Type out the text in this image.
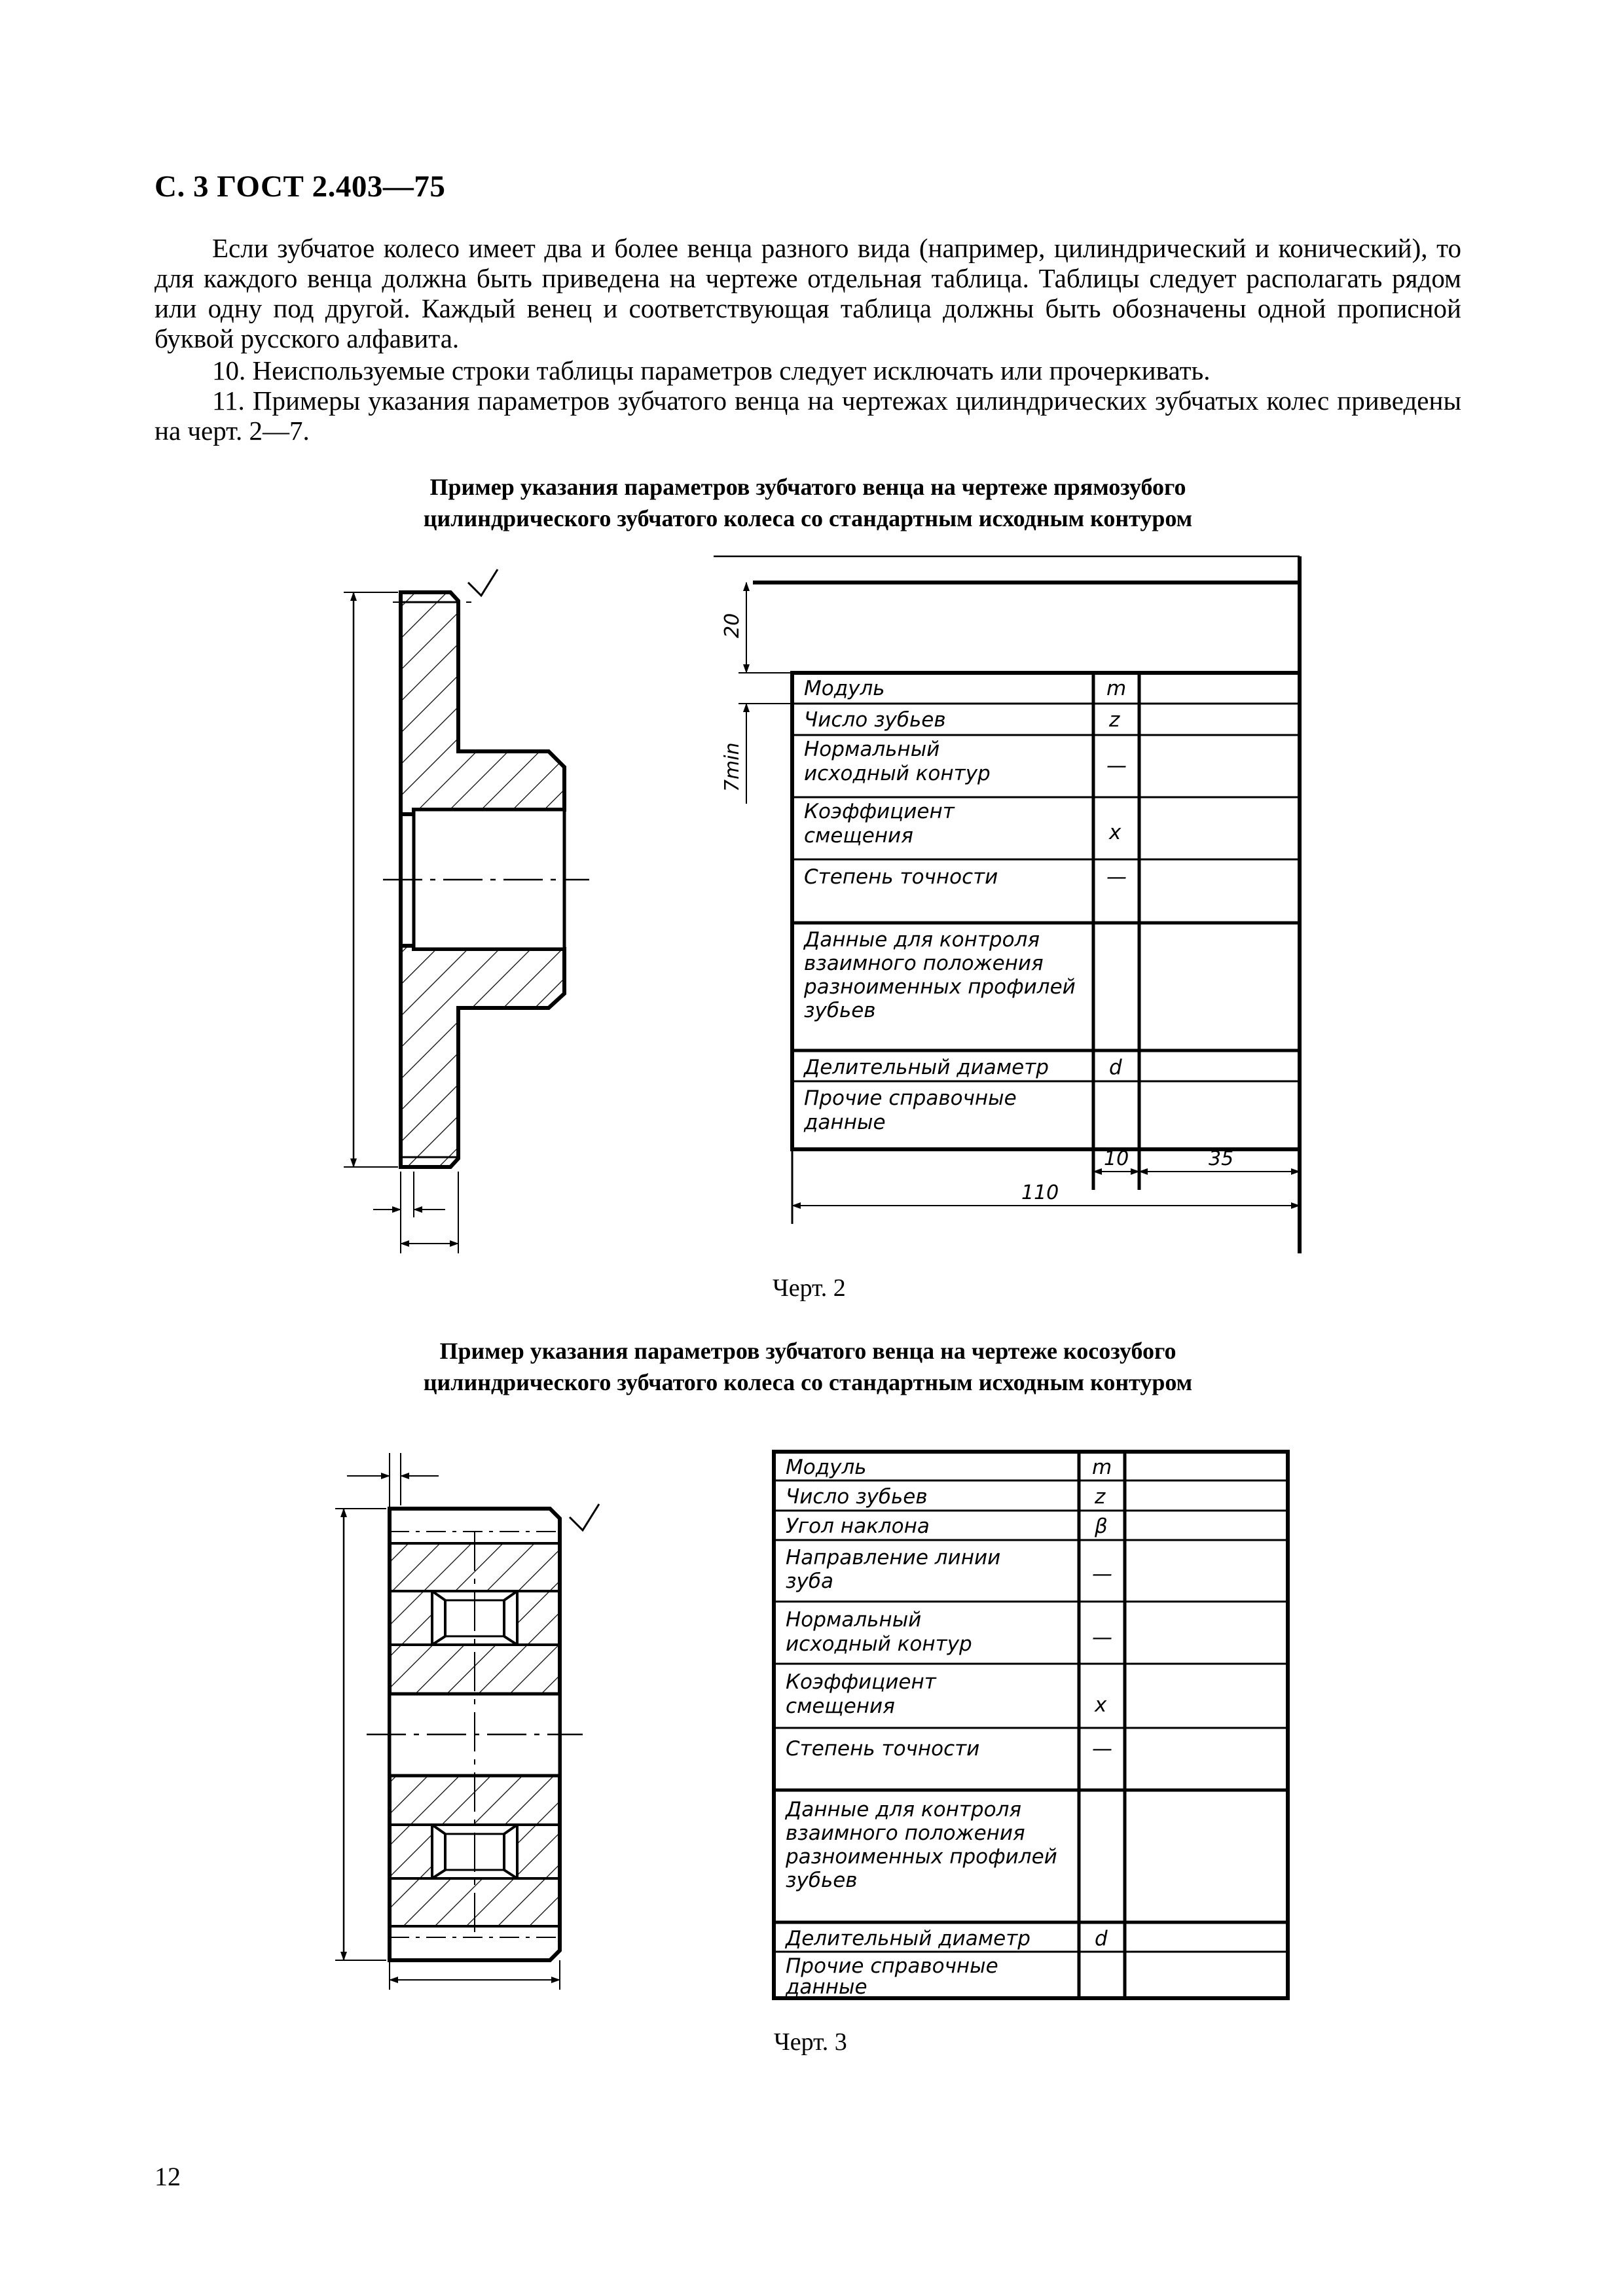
С. 3 ГОСТ 2.403—75

Если зубчатое колесо имеет два и более венца разного вида (например, цилиндрический и конический), то для каждого венца должна быть приведена на чертеже отдельная таблица. Таблицы следует располагать рядом или одну под другой. Каждый венец и соответствующая таблица должны быть обозначены одной прописной буквой русского алфавита.

10. Неиспользуемые строки таблицы параметров следует исключать или прочеркивать.

11. Примеры указания параметров зубчатого венца на чертежах цилиндрических зубчатых колес приведены на черт. 2—7.

Пример указания параметров зубчатого венца на чертеже прямозубого
цилиндрического зубчатого колеса со стандартным исходным контуром
20
7min
10	35
110
Модуль	m
Число зубьев	z
Нормальный
исходный контур	—
Коэффициент
смещения	x
Степень точности	—
Данные для контроля
взаимного положения
разноименных профилей
зубьев
Делительный диаметр	d
Прочие справочные
данные
Черт. 2
Пример указания параметров зубчатого венца на чертеже косозубого
цилиндрического зубчатого колеса со стандартным исходным контуром
Модуль	m
Число зубьев	z
Угол наклона	β
Направление линии
зуба	—
Нормальный
исходный контур	—
Коэффициент
смещения	x
Степень точности	—
Данные для контроля
взаимного положения
разноименных профилей
зубьев
Делительный диаметр	d
Прочие справочные
данные
Черт. 3
12
